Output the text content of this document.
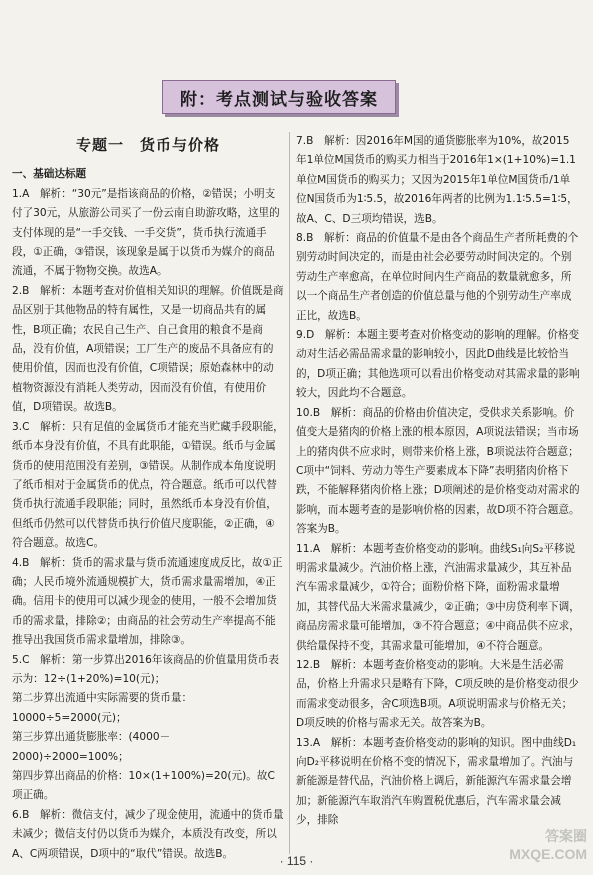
附：考点测试与验收答案
专题一　货币与价格
一、基础达标题

1.A　解析：“30元”是指该商品的价格，②错误；小明支付了30元，从旅游公司买了一份云南自助游攻略，这里的支付体现的是“一手交钱、一手交货”，货币执行流通手段，①正确，③错误，该现象是属于以货币为媒介的商品流通，不属于物物交换。故选A。

2.B　解析：本题考查对价值相关知识的理解。价值既是商品区别于其他物品的特有属性，又是一切商品共有的属性，B项正确；农民自己生产、自己食用的粮食不是商品，没有价值，A项错误；工厂生产的废品不具备应有的使用价值，因而也没有价值，C项错误；原始森林中的动植物资源没有消耗人类劳动，因而没有价值，有使用价值，D项错误。故选B。

3.C　解析：只有足值的金属货币才能充当贮藏手段职能，纸币本身没有价值，不具有此职能，①错误。纸币与金属货币的使用范围没有差别，③错误。从制作成本角度说明了纸币相对于金属货币的优点，符合题意。纸币可以代替货币执行流通手段职能；同时，虽然纸币本身没有价值，但纸币仍然可以代替货币执行价值尺度职能，②正确，④符合题意。故选C。

4.B　解析：货币的需求量与货币流通速度成反比，故①正确；人民币境外流通规模扩大，货币需求量需增加，④正确。信用卡的使用可以减少现金的使用，一般不会增加货币的需求量，排除②；由商品的社会劳动生产率提高不能推导出我国货币需求量增加，排除③。

5.C　解析：第一步算出2016年该商品的价值量用货币表示为：12÷(1+20%)=10(元)；

第二步算出流通中实际需要的货币量：10000÷5=2000(元)；

第三步算出通货膨胀率：(4000－2000)÷2000=100%；

第四步算出商品的价格：10×(1+100%)=20(元)。故C项正确。

6.B　解析：微信支付，减少了现金使用，流通中的货币量未减少；微信支付仍以货币为媒介，本质没有改变，所以A、C两项错误，D项中的“取代”错误。故选B。

7.B　解析：因2016年M国的通货膨胀率为10%，故2015年1单位M国货币的购买力相当于2016年1×(1+10%)=1.1单位M国货币的购买力；又因为2015年1单位M国货币/1单位N国货币为1∶5.5，故2016年两者的比例为1.1∶5.5=1∶5，故A、C、D三项均错误，选B。

8.B　解析：商品的价值量不是由各个商品生产者所耗费的个别劳动时间决定的，而是由社会必要劳动时间决定的。个别劳动生产率愈高，在单位时间内生产商品的数量就愈多，所以一个商品生产者创造的价值总量与他的个别劳动生产率成正比，故选B。

9.D　解析：本题主要考查对价格变动的影响的理解。价格变动对生活必需品需求量的影响较小，因此D曲线是比较恰当的，D项正确；其他选项可以看出价格变动对其需求量的影响较大，因此均不合题意。

10.B　解析：商品的价格由价值决定，受供求关系影响。价值变大是猪肉的价格上涨的根本原因，A项说法错误；当市场上的猪肉供不应求时，则带来价格上涨，B项说法符合题意；C项中“饲料、劳动力等生产要素成本下降”表明猪肉价格下跌，不能解释猪肉价格上涨；D项阐述的是价格变动对需求的影响，而本题考查的是影响价格的因素，故D项不符合题意。答案为B。

11.A　解析：本题考查价格变动的影响。曲线S₁向S₂平移说明需求量减少。汽油价格上涨，汽油需求量减少，其互补品汽车需求量减少，①符合；面粉价格下降，面粉需求量增加，其替代品大米需求量减少，②正确；③中房贷利率下调，商品房需求量可能增加，③不符合题意；④中商品供不应求，供给量保持不变，其需求量可能增加，④不符合题意。

12.B　解析：本题考查价格变动的影响。大米是生活必需品，价格上升需求只是略有下降，C项反映的是价格变动很少而需求变动很多，舍C项选B项。A项说明需求与价格无关；D项反映的价格与需求无关。故答案为B。

13.A　解析：本题考查价格变动的影响的知识。图中曲线D₁向D₂平移说明在价格不变的情况下，需求量增加了。汽油与新能源是替代品，汽油价格上调后，新能源汽车需求量会增加；新能源汽车取消汽车购置税优惠后，汽车需求量会减少，排除

· 115 ·
答案圈
MXQE.COM
